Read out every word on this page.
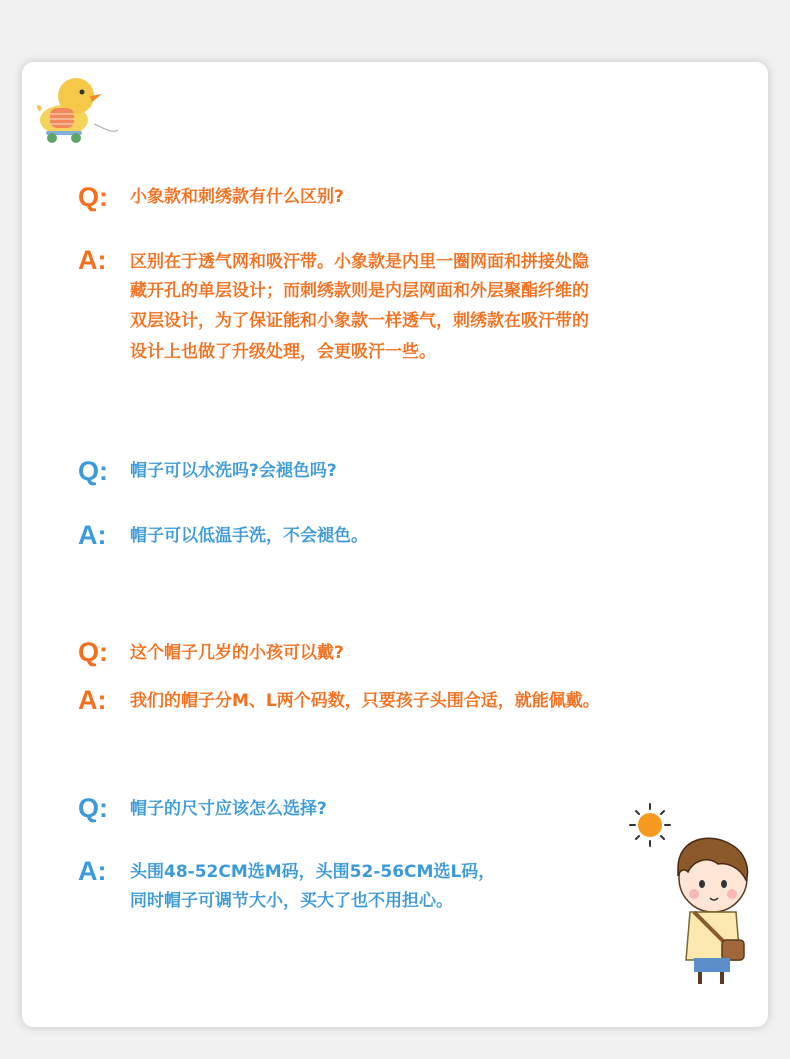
Q: 小象款和刺绣款有什么区别?
A: 区别在于透气网和吸汗带。小象款是内里一圈网面和拼接处隐
藏开孔的单层设计；而刺绣款则是内层网面和外层聚酯纤维的
双层设计，为了保证能和小象款一样透气，刺绣款在吸汗带的
设计上也做了升级处理，会更吸汗一些。
Q: 帽子可以水洗吗?会褪色吗?
A: 帽子可以低温手洗，不会褪色。
Q: 这个帽子几岁的小孩可以戴?
A: 我们的帽子分M、L两个码数，只要孩子头围合适，就能佩戴。
Q: 帽子的尺寸应该怎么选择?
A: 头围48-52CM选M码，头围52-56CM选L码，
同时帽子可调节大小，买大了也不用担心。
